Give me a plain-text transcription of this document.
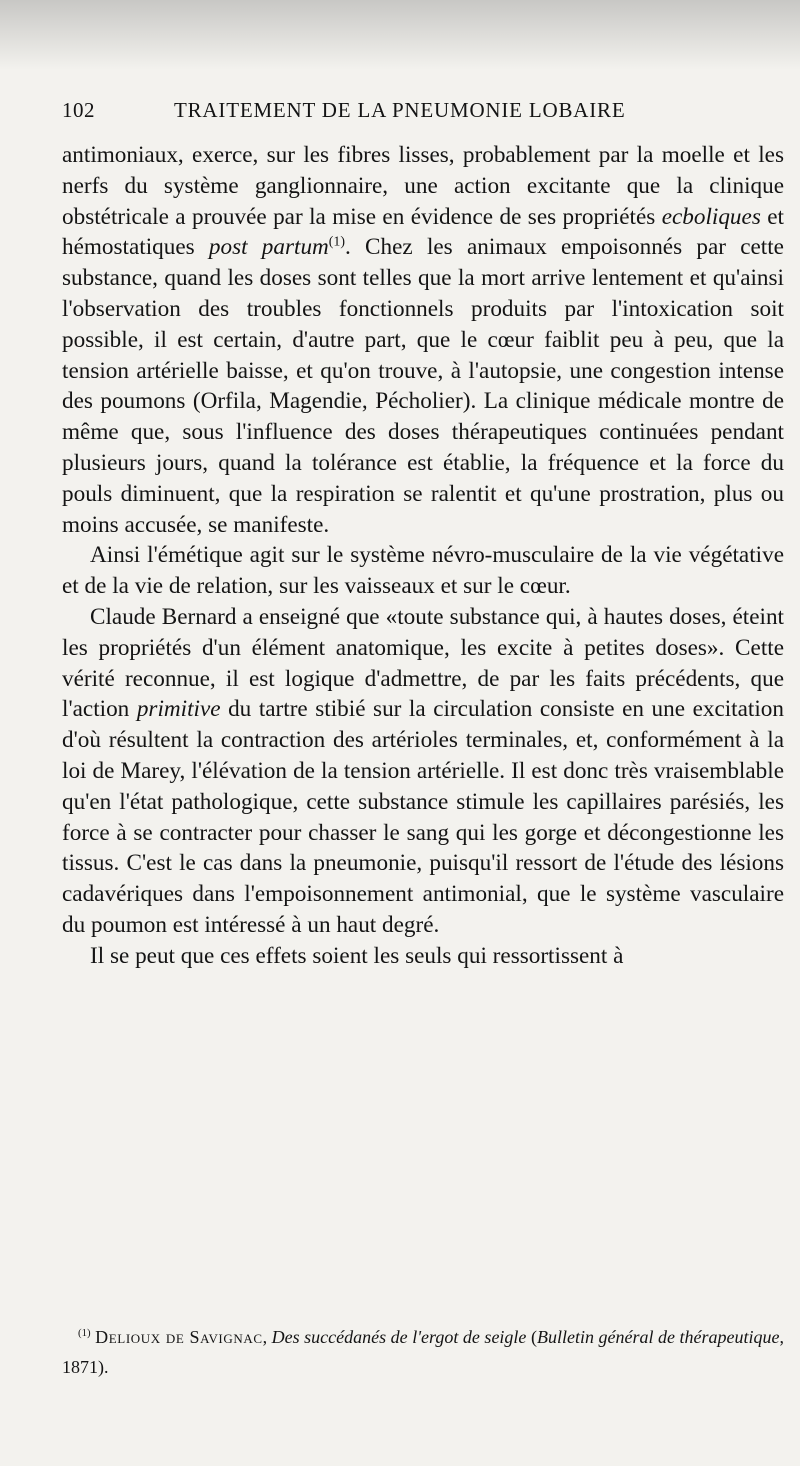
102	TRAITEMENT DE LA PNEUMONIE LOBAIRE

antimoniaux, exerce, sur les fibres lisses, probablement par la moelle et les nerfs du système ganglionnaire, une action excitante que la clinique obstétricale a prouvée par la mise en évidence de ses propriétés ecboliques et hémostatiques post partum$^{(1)}$. Chez les animaux empoisonnés par cette substance, quand les doses sont telles que la mort arrive lentement et qu'ainsi l'observation des troubles fonctionnels produits par l'intoxication soit possible, il est certain, d'autre part, que le cœur faiblit peu à peu, que la tension artérielle baisse, et qu'on trouve, à l'autopsie, une congestion intense des poumons (Orfila, Magendie, Pécholier). La clinique médicale montre de même que, sous l'influence des doses thérapeutiques continuées pendant plusieurs jours, quand la tolérance est établie, la fréquence et la force du pouls diminuent, que la respiration se ralentit et qu'une prostration, plus ou moins accusée, se manifeste.

Ainsi l'émétique agit sur le système névro-musculaire de la vie végétative et de la vie de relation, sur les vaisseaux et sur le cœur.

Claude Bernard a enseigné que «toute substance qui, à hautes doses, éteint les propriétés d'un élément anatomique, les excite à petites doses». Cette vérité reconnue, il est logique d'admettre, de par les faits précédents, que l'action primitive du tartre stibié sur la circulation consiste en une excitation d'où résultent la contraction des artérioles terminales, et, conformément à la loi de Marey, l'élévation de la tension artérielle. Il est donc très vraisemblable qu'en l'état pathologique, cette substance stimule les capillaires parésiés, les force à se contracter pour chasser le sang qui les gorge et décongestionne les tissus. C'est le cas dans la pneumonie, puisqu'il ressort de l'étude des lésions cadavériques dans l'empoisonnement antimonial, que le système vasculaire du poumon est intéressé à un haut degré.

Il se peut que ces effets soient les seuls qui ressortissent à

$^{(1)}$ Delioux de Savignac, Des succédanés de l'ergot de seigle (Bulletin général de thérapeutique, 1871).
